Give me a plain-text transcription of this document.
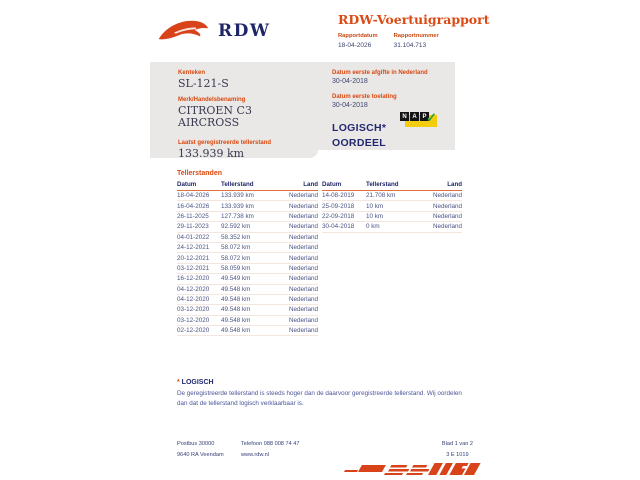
RDW
RDW-Voertuigrapport
Rapportdatum
18-04-2026
Rapportnummer
31.104.713
Kenteken
SL-121-S
Merk/Handelsbenaming
CITROEN C3
AIRCROSS
Laatst geregistreerde tellerstand
133.939 km
Datum eerste afgifte in Nederland
30-04-2018
Datum eerste toelating
30-04-2018
LOGISCH*
OORDEEL
N A P ✓
Tellerstanden
Datum	Tellerstand	Land
18-04-2026	133.939 km	Nederland
16-04-2026	133.939 km	Nederland
26-11-2025	127.738 km	Nederland
29-11-2023	92.592 km	Nederland
04-01-2022	58.352 km	Nederland
24-12-2021	58.072 km	Nederland
20-12-2021	58.072 km	Nederland
03-12-2021	58.059 km	Nederland
16-12-2020	49.549 km	Nederland
04-12-2020	49.548 km	Nederland
04-12-2020	49.548 km	Nederland
03-12-2020	49.548 km	Nederland
03-12-2020	49.548 km	Nederland
02-12-2020	49.548 km	Nederland
Datum	Tellerstand	Land
14-08-2019	21.708 km	Nederland
25-09-2018	10 km	Nederland
22-09-2018	10 km	Nederland
30-04-2018	0 km	Nederland
* LOGISCH
De geregistreerde tellerstand is steeds hoger dan de daarvoor geregistreerde tellerstand. Wij oordelen dan dat de tellerstand logisch verklaarbaar is.
Postbus 30000
9640 RA Veendam
Telefoon 088 008 74 47
www.rdw.nl
Blad 1 van 2
3 E 1019
